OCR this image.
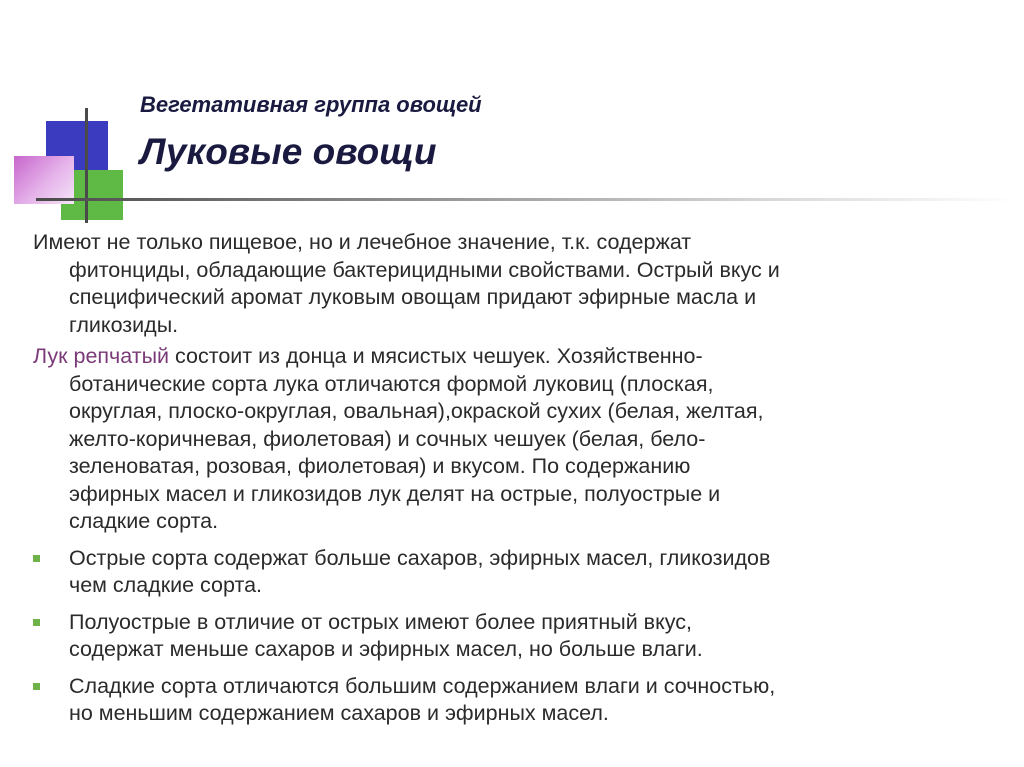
Вегетативная группа овощей
Луковые овощи
Имеют не только пищевое, но и лечебное значение, т.к. содержат
фитонциды, обладающие бактерицидными свойствами. Острый вкус и
специфический аромат луковым овощам придают эфирные масла и
гликозиды.
Лук репчатый состоит из донца и мясистых чешуек. Хозяйственно-
ботанические сорта лука отличаются формой луковиц (плоская,
округлая, плоско-округлая, овальная),окраской сухих (белая, желтая,
желто-коричневая, фиолетовая) и сочных чешуек (белая, бело-
зеленоватая, розовая, фиолетовая) и вкусом. По содержанию
эфирных масел и гликозидов лук делят на острые, полуострые и
сладкие сорта.
Острые сорта содержат больше сахаров, эфирных масел, гликозидов
чем сладкие сорта.
Полуострые в отличие от острых имеют более приятный вкус,
содержат меньше сахаров и эфирных масел, но больше влаги.
Сладкие сорта отличаются большим содержанием влаги и сочностью,
но меньшим содержанием сахаров и эфирных масел.
